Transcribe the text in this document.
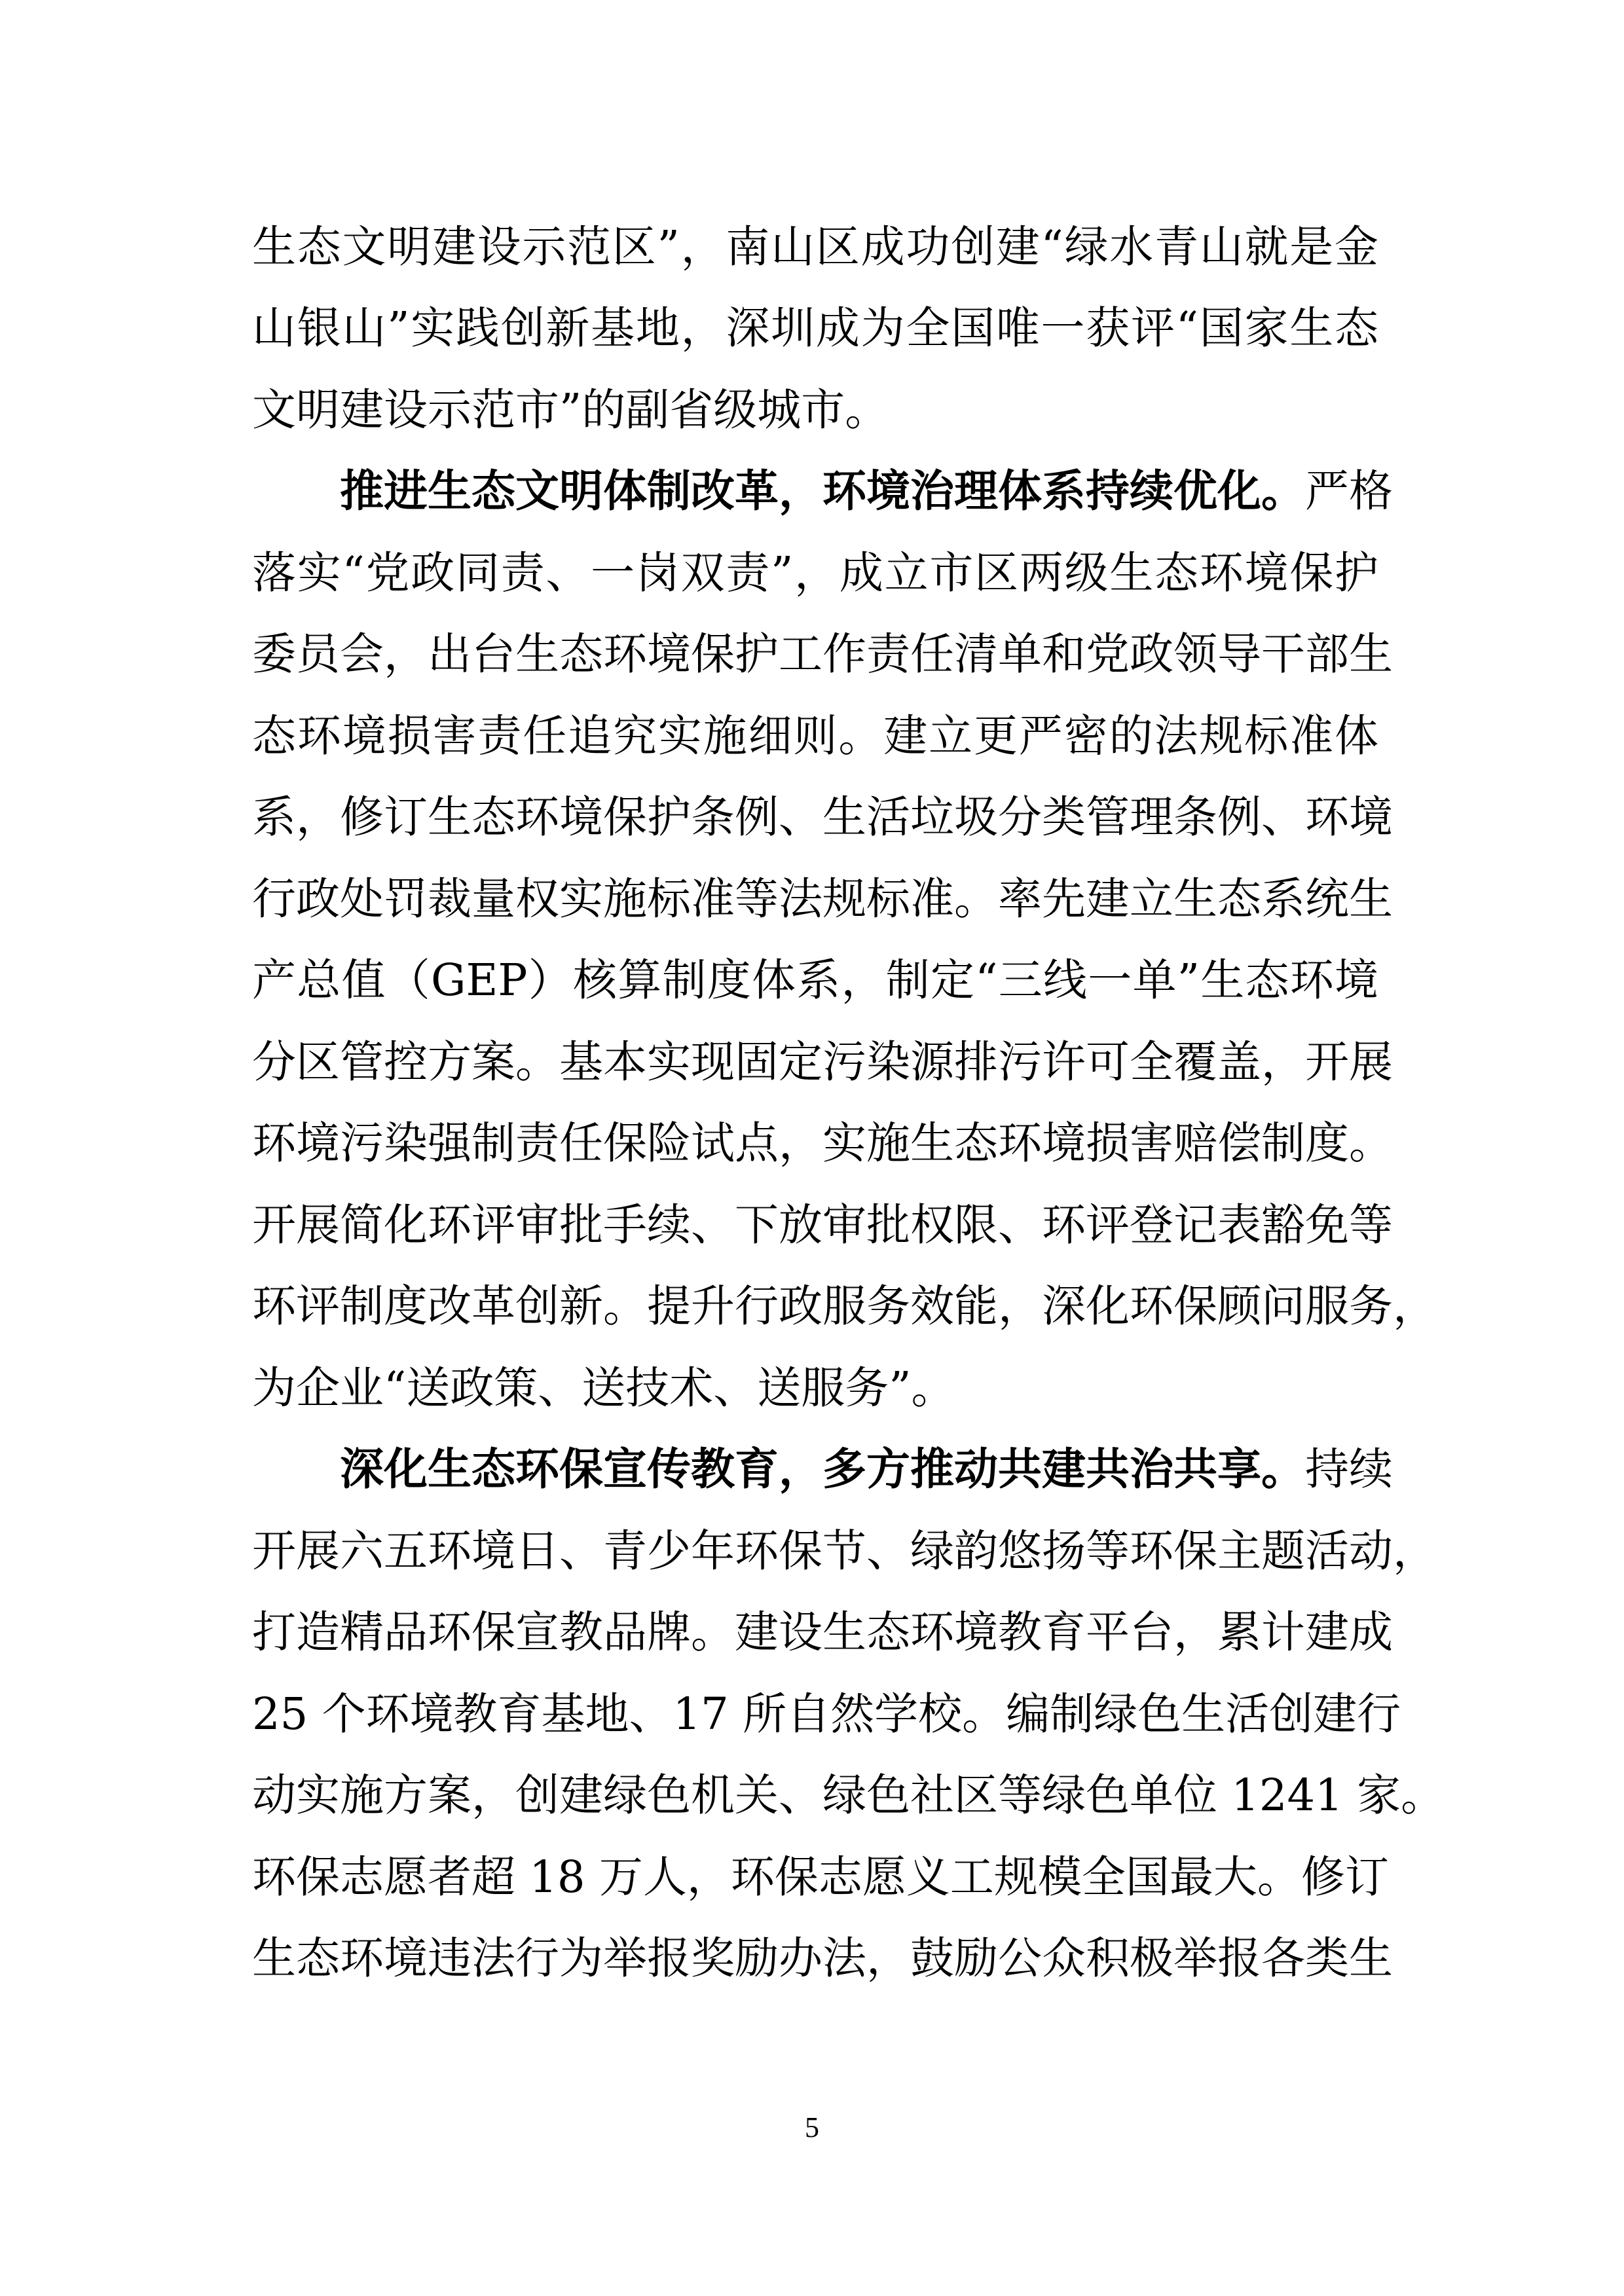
生态文明建设示范区”，南山区成功创建“绿水青山就是金
山银山”实践创新基地，深圳成为全国唯一获评“国家生态
文明建设示范市”的副省级城市。
推进生态文明体制改革，环境治理体系持续优化。严格
落实“党政同责、一岗双责”，成立市区两级生态环境保护
委员会，出台生态环境保护工作责任清单和党政领导干部生
态环境损害责任追究实施细则。建立更严密的法规标准体
系，修订生态环境保护条例、生活垃圾分类管理条例、环境
行政处罚裁量权实施标准等法规标准。率先建立生态系统生
产总值（GEP）核算制度体系，制定“三线一单”生态环境
分区管控方案。基本实现固定污染源排污许可全覆盖，开展
环境污染强制责任保险试点，实施生态环境损害赔偿制度。
开展简化环评审批手续、下放审批权限、环评登记表豁免等
环评制度改革创新。提升行政服务效能，深化环保顾问服务，
为企业“送政策、送技术、送服务”。
深化生态环保宣传教育，多方推动共建共治共享。持续
开展六五环境日、青少年环保节、绿韵悠扬等环保主题活动，
打造精品环保宣教品牌。建设生态环境教育平台，累计建成
25 个环境教育基地、17 所自然学校。编制绿色生活创建行
动实施方案，创建绿色机关、绿色社区等绿色单位 1241 家。
环保志愿者超 18 万人，环保志愿义工规模全国最大。修订
生态环境违法行为举报奖励办法，鼓励公众积极举报各类生
5
